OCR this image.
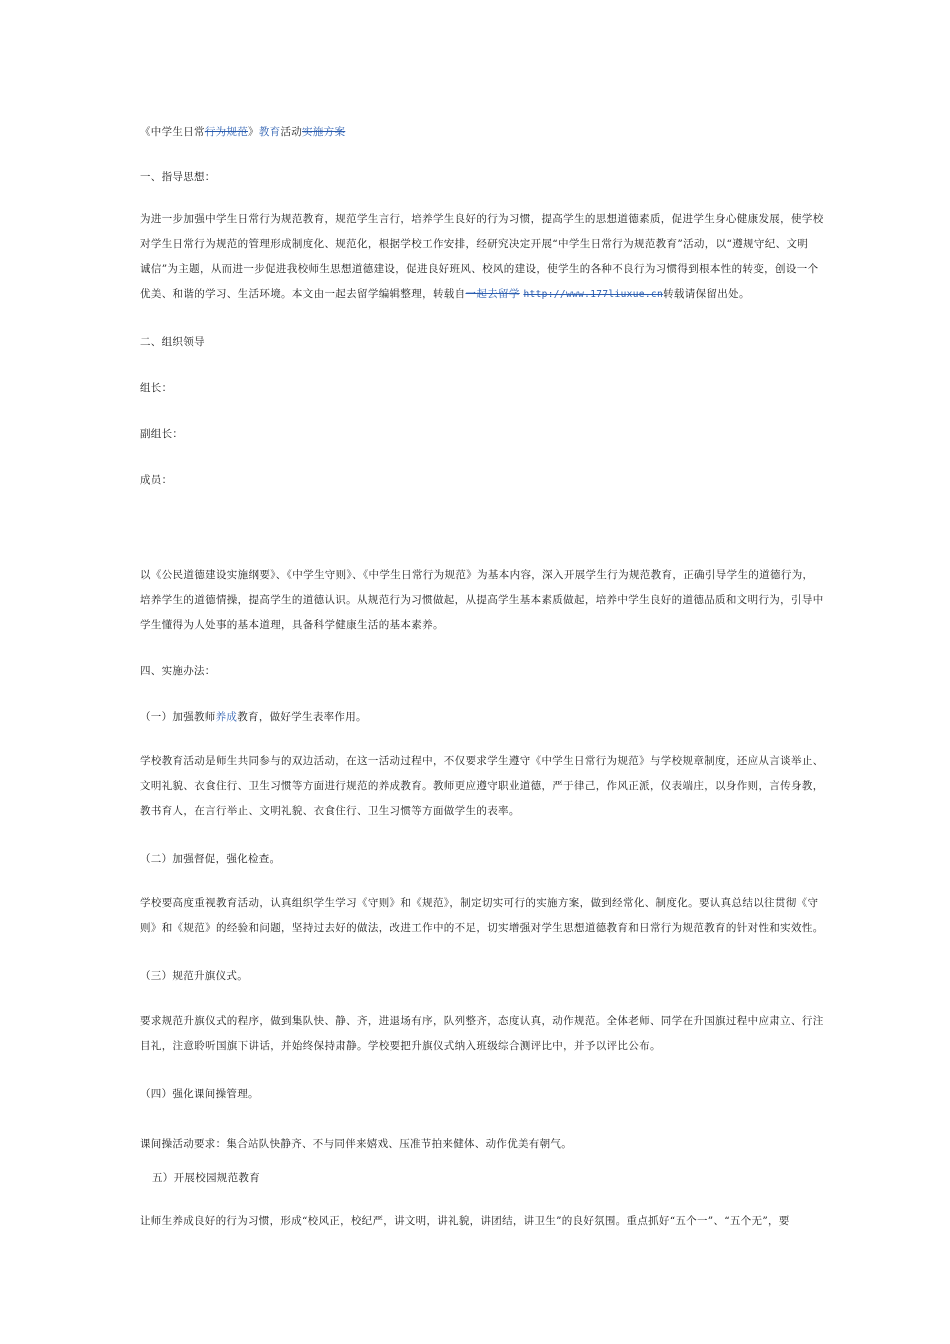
《中学生日常行为规范》教育活动实施方案
一、指导思想：
为进一步加强中学生日常行为规范教育，规范学生言行，培养学生良好的行为习惯，提高学生的思想道德素质，促进学生身心健康发展，使学校
对学生日常行为规范的管理形成制度化、规范化，根据学校工作安排，经研究决定开展“中学生日常行为规范教育”活动，以“遵规守纪、文明
诚信”为主题，从而进一步促进我校师生思想道德建设，促进良好班风、校风的建设，使学生的各种不良行为习惯得到根本性的转变，创设一个
优美、和谐的学习、生活环境。本文由一起去留学编辑整理，转载自一起去留学 http://www.177liuxue.cn转载请保留出处。
二、组织领导
组长：
副组长：
成员：
以《公民道德建设实施纲要》、《中学生守则》、《中学生日常行为规范》为基本内容，深入开展学生行为规范教育，正确引导学生的道德行为，
培养学生的道德情操，提高学生的道德认识。从规范行为习惯做起，从提高学生基本素质做起，培养中学生良好的道德品质和文明行为，引导中
学生懂得为人处事的基本道理，具备科学健康生活的基本素养。
四、实施办法：
（一）加强教师养成教育，做好学生表率作用。
学校教育活动是师生共同参与的双边活动，在这一活动过程中，不仅要求学生遵守《中学生日常行为规范》与学校规章制度，还应从言谈举止、
文明礼貌、衣食住行、卫生习惯等方面进行规范的养成教育。教师更应遵守职业道德，严于律己，作风正派，仪表端庄，以身作则，言传身教，
教书育人，在言行举止、文明礼貌、衣食住行、卫生习惯等方面做学生的表率。
（二）加强督促，强化检查。
学校要高度重视教育活动，认真组织学生学习《守则》和《规范》，制定切实可行的实施方案，做到经常化、制度化。要认真总结以往贯彻《守
则》和《规范》的经验和问题，坚持过去好的做法，改进工作中的不足，切实增强对学生思想道德教育和日常行为规范教育的针对性和实效性。
（三）规范升旗仪式。
要求规范升旗仪式的程序，做到集队快、静、齐，进退场有序，队列整齐，态度认真，动作规范。全体老师、同学在升国旗过程中应肃立、行注
目礼，注意聆听国旗下讲话，并始终保持肃静。学校要把升旗仪式纳入班级综合测评比中，并予以评比公布。
（四）强化课间操管理。
课间操活动要求：集合站队快静齐、不与同伴来嬉戏、压准节拍来健体、动作优美有朝气。
五）开展校园规范教育
让师生养成良好的行为习惯，形成“校风正，校纪严，讲文明，讲礼貌，讲团结，讲卫生”的良好氛围。重点抓好“五个一”、“五个无”，要
